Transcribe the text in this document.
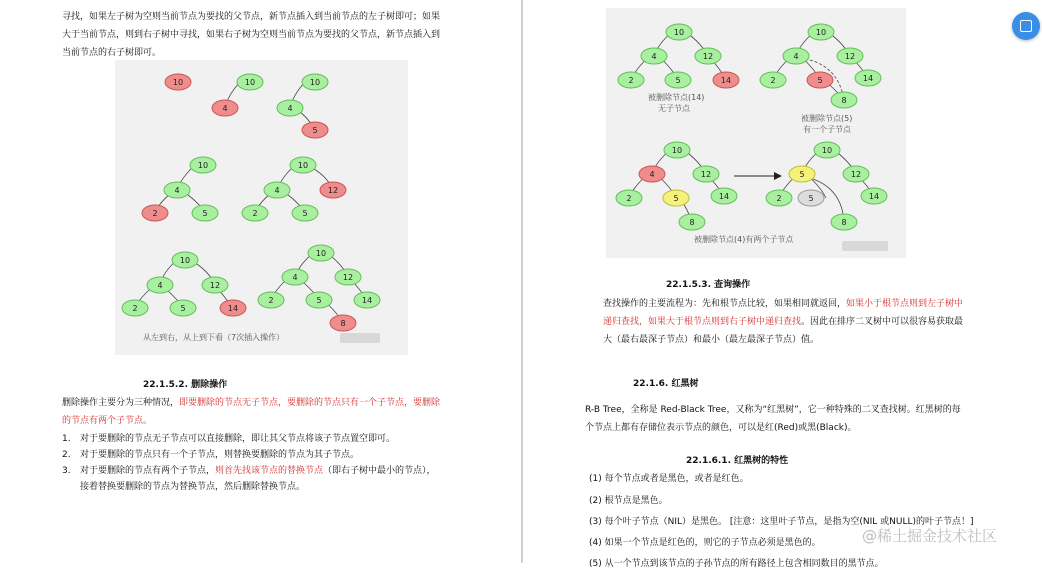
寻找，如果左子树为空则当前节点为要找的父节点，新节点插入到当前节点的左子树即可；如果
大于当前节点，则到右子树中寻找，如果右子树为空则当前节点为要找的父节点，新节点插入到
当前节点的右子树即可。
10	10
4
10
4
5
10
4
2	5
10
4	12
2	5
10
4	12
2	5	14
10
4	12
2	5	14
8
从左到右，从上到下看（7次插入操作）
22.1.5.2. 删除操作
删除操作主要分为三种情况，即要删除的节点无子节点，要删除的节点只有一个子节点，要删除
的节点有两个子节点。
1. 对于要删除的节点无子节点可以直接删除，即让其父节点将该子节点置空即可。
2. 对于要删除的节点只有一个子节点，则替换要删除的节点为其子节点。
3. 对于要删除的节点有两个子节点，则首先找该节点的替换节点（即右子树中最小的节点），
接着替换要删除的节点为替换节点，然后删除替换节点。
10
4	12
2	5	14
被删除节点(14)
无子节点
10
4	12
2	5	14
8
被删除节点(5)
有一个子节点
10
4	12
2	5	14
8
10
5	12
2	5	14
8
被删除节点(4)有两个子节点
22.1.5.3. 查询操作
查找操作的主要流程为：先和根节点比较，如果相同就返回，如果小于根节点则到左子树中
递归查找，如果大于根节点则到右子树中递归查找。因此在排序二叉树中可以很容易获取最
大（最右最深子节点）和最小（最左最深子节点）值。
22.1.6. 红黑树
R-B Tree，全称是 Red-Black Tree，又称为“红黑树”，它一种特殊的二叉查找树。红黑树的每
个节点上都有存储位表示节点的颜色，可以是红(Red)或黑(Black)。
22.1.6.1. 红黑树的特性
(1) 每个节点或者是黑色，或者是红色。
(2) 根节点是黑色。
(3) 每个叶子节点（NIL）是黑色。 [注意：这里叶子节点，是指为空(NIL 或NULL)的叶子节点！]
(4) 如果一个节点是红色的，则它的子节点必须是黑色的。
(5) 从一个节点到该节点的子孙节点的所有路径上包含相同数目的黑节点。
@稀土掘金技术社区
